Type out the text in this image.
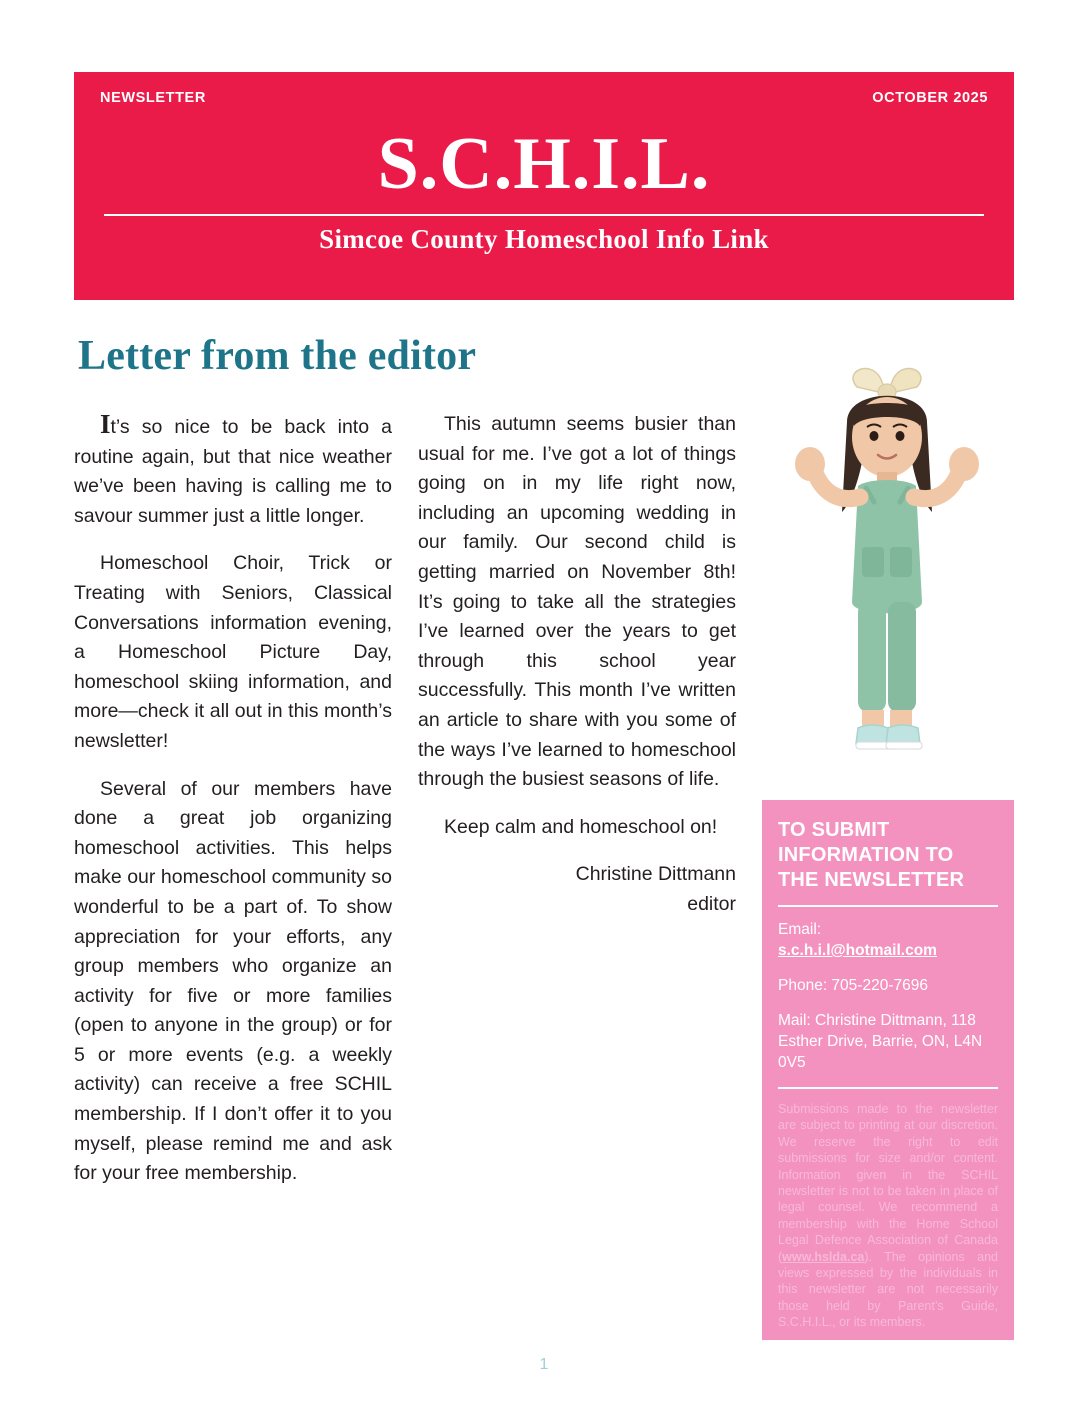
NEWSLETTER	OCTOBER 2025
S.C.H.I.L.
Simcoe County Homeschool Info Link
Letter from the editor

It’s so nice to be back into a routine again, but that nice weather we’ve been having is calling me to savour summer just a little longer.

Homeschool Choir, Trick or Treating with Seniors, Classical Conversations information evening, a Homeschool Picture Day, homeschool skiing information, and more—check it all out in this month’s newsletter!

Several of our members have done a great job organizing homeschool activities. This helps make our homeschool community so wonderful to be a part of. To show appreciation for your efforts, any group members who organize an activity for five or more families (open to anyone in the group) or for 5 or more events (e.g. a weekly activity) can receive a free SCHIL membership. If I don’t offer it to you myself, please remind me and ask for your free membership.

This autumn seems busier than usual for me. I’ve got a lot of things going on in my life right now, including an upcoming wedding in our family. Our second child is getting married on November 8th! It’s going to take all the strategies I’ve learned over the years to get through this school year successfully. This month I’ve written an article to share with you some of the ways I’ve learned to homeschool through the busiest seasons of life.

Keep calm and homeschool on!

Christine Dittmann
editor

TO SUBMIT INFORMATION TO THE NEWSLETTER
Email:
s.c.h.i.l@hotmail.com
Phone: 705-220-7696
Mail: Christine Dittmann, 118 Esther Drive, Barrie, ON, L4N 0V5
Submissions made to the newsletter are subject to printing at our discretion. We reserve the right to edit submissions for size and/or content. Information given in the SCHIL newsletter is not to be taken in place of legal counsel. We recommend a membership with the Home School Legal Defence Association of Canada (www.hslda.ca). The opinions and views expressed by the individuals in this newsletter are not necessarily those held by Parent’s Guide, S.C.H.I.L., or its members.
1
